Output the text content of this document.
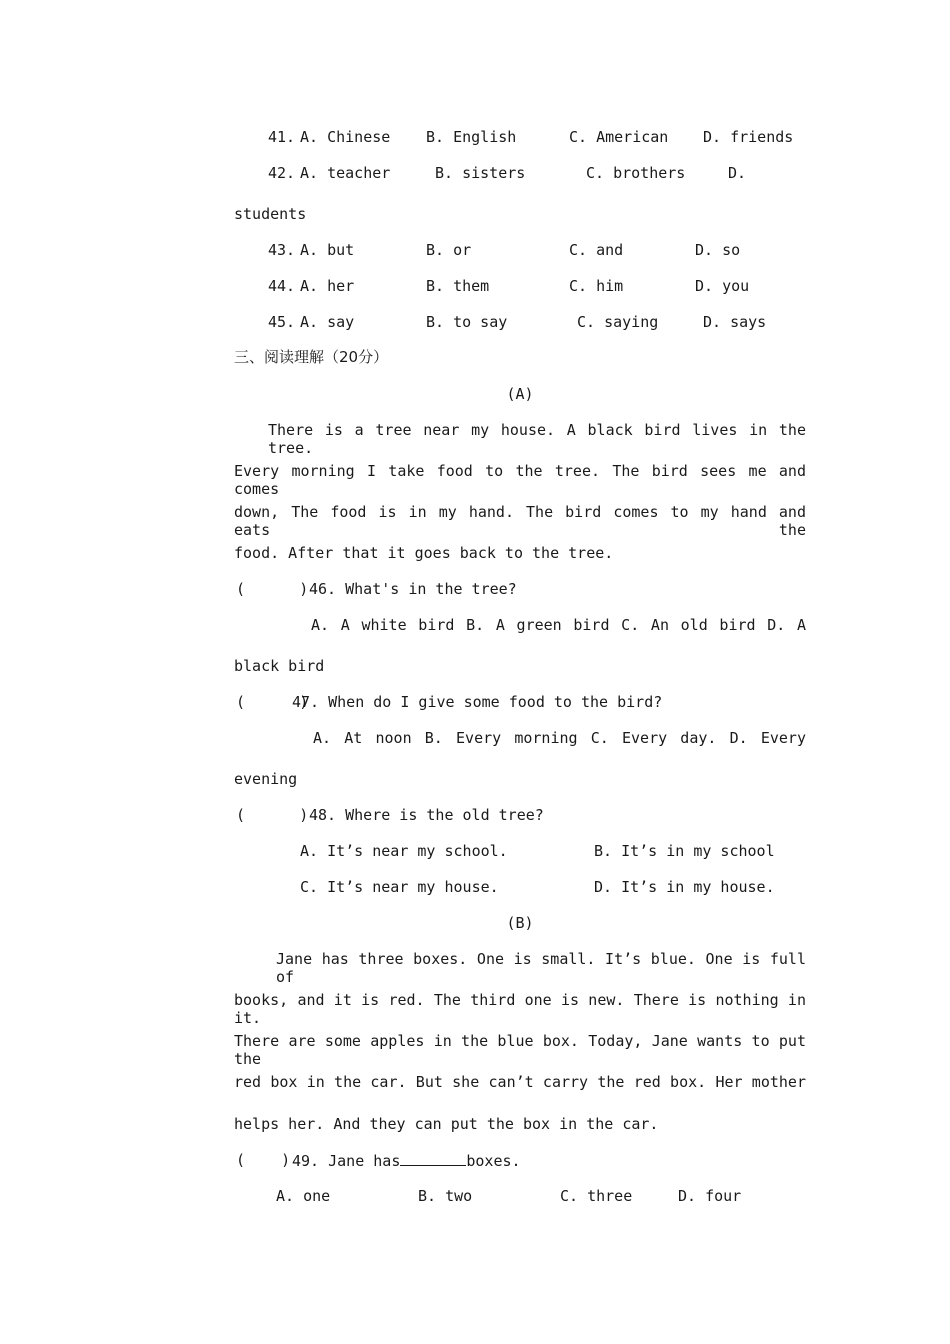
41. A. Chinese B. English	C. American D. friends
42. A. teacher	B. sisters	C. brothers	D.
students
43. A. but	B. or	C. and	D. so
44. A. her	B. them	C. him	D. you
45. A. say	B. to say	C. saying	D. says
三、阅读理解（20分）
(A)
There is a tree near my house. A black bird lives in the tree.
Every morning I take food to the tree. The bird sees me and comes
down, The food is in my hand. The bird comes to my hand and eats the
food. After that it goes back to the tree.
(      ) 46. What's in the tree?
A. A white bird B. A green bird C. An old bird D. A
black bird
(      )
47. When do I give some food to the bird?
A. At noon B. Every morning C. Every day. D. Every
evening
(      ) 48. Where is the old tree?
A. It’s near my school.	B. It’s in my school
C. It’s near my house.	D. It’s in my house.
(B)
Jane has three boxes. One is small. It’s blue. One is full of
books, and it is red. The third one is new. There is nothing in it.
There are some apples in the blue box. Today, Jane wants to put the
red box in the car. But she can’t carry the red box. Her mother
helps her. And they can put the box in the car.
(    ) 49. Jane has	boxes.
A. one	B. two	C. three	D. four
